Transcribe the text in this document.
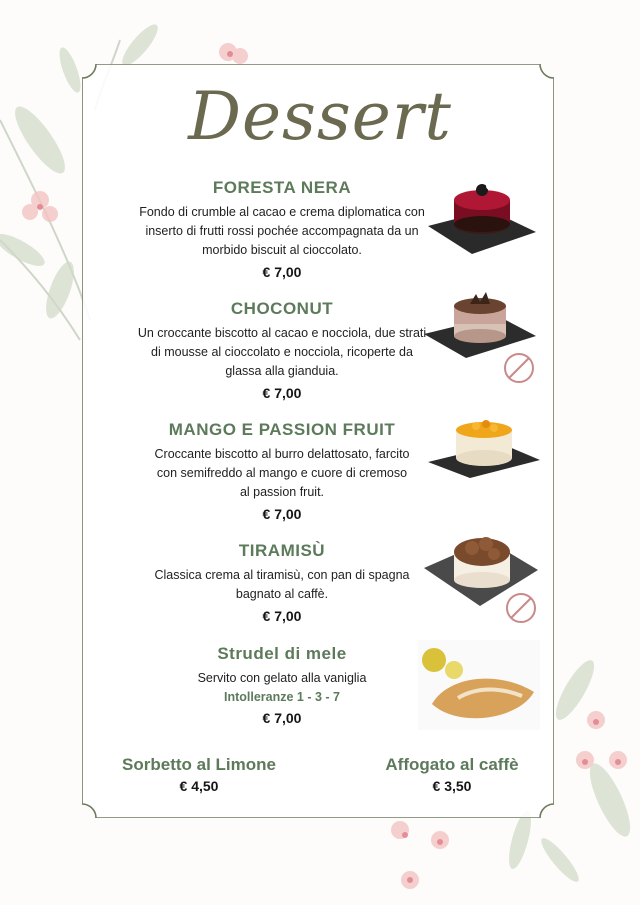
Dessert
FORESTA NERA
Fondo di crumble al cacao e crema diplomatica con
inserto di frutti rossi pochée accompagnata da un
morbido biscuit al cioccolato.
€ 7,00
CHOCONUT
Un croccante biscotto al cacao e nocciola, due strati
di mousse al cioccolato e nocciola, ricoperte da
glassa alla gianduia.
€ 7,00
MANGO E PASSION FRUIT
Croccante biscotto al burro delattosato, farcito
con semifreddo al mango e cuore di cremoso
al passion fruit.
€ 7,00
TIRAMISÙ
Classica crema al tiramisù, con pan di spagna
bagnato al caffè.
€ 7,00
Strudel di mele
Servito con gelato alla vaniglia
Intolleranze 1 - 3 - 7
€ 7,00
Sorbetto al Limone
€ 4,50
Affogato al caffè
€ 3,50
